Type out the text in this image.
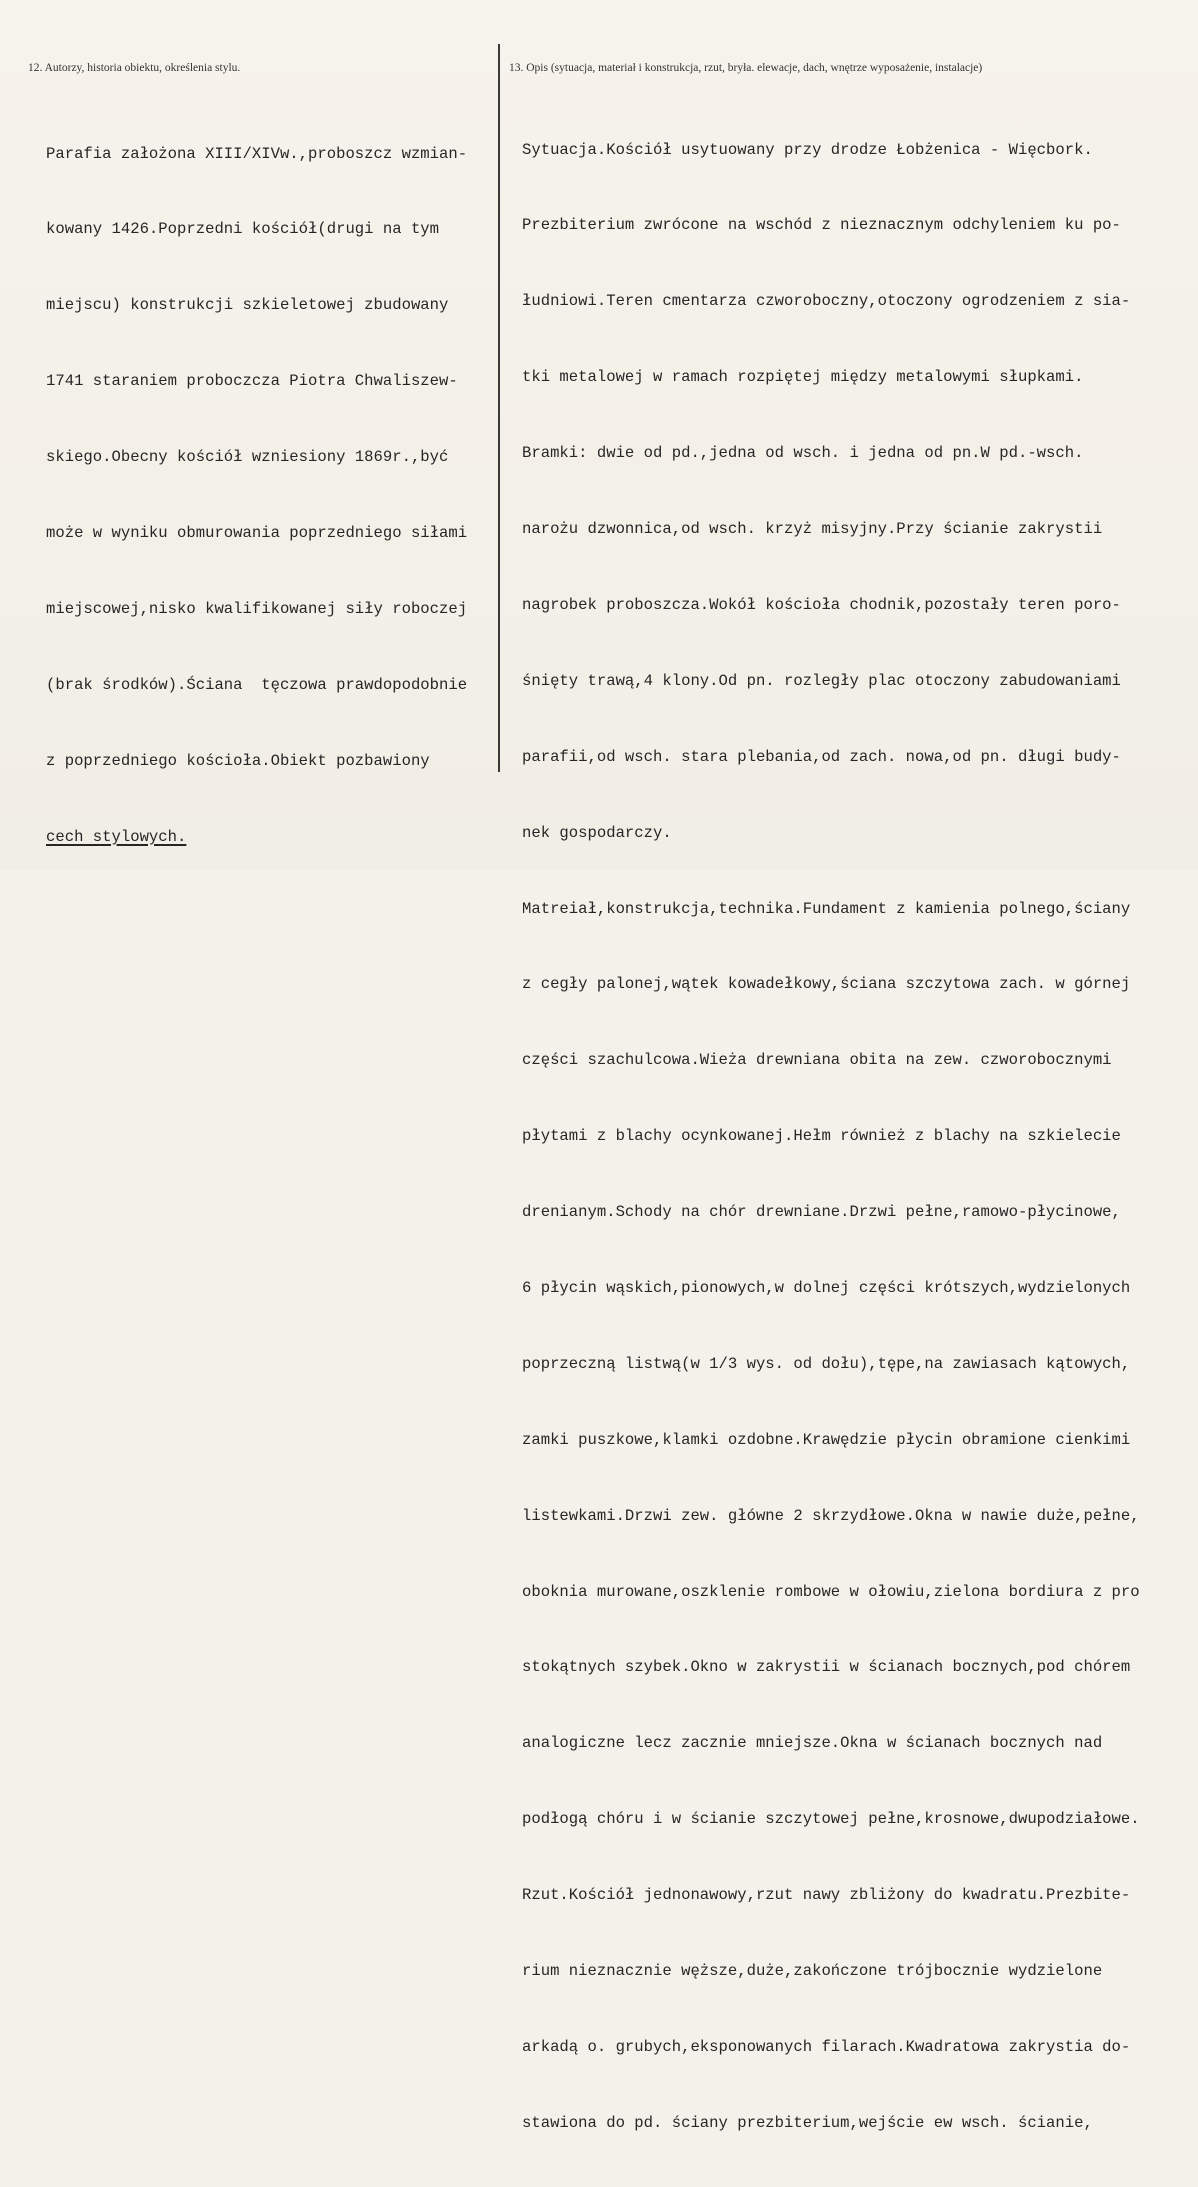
12. Autorzy, historia obiektu, określenia stylu.	13. Opis (sytuacja, materiał i konstrukcja, rzut, bryła. elewacje, dach, wnętrze wyposażenie, instalacje)

Parafia założona XIII/XIVw.,proboszcz wzmian-

kowany 1426.Poprzedni kościół(drugi na tym

miejscu) konstrukcji szkieletowej zbudowany

1741 staraniem proboczcza Piotra Chwaliszew-

skiego.Obecny kościół wzniesiony 1869r.,być

może w wyniku obmurowania poprzedniego siłami

miejscowej,nisko kwalifikowanej siły roboczej

(brak środków).Ściana  tęczowa prawdopodobnie

z poprzedniego kościoła.Obiekt pozbawiony

cech stylowych.

Sytuacja.Kościół usytuowany przy drodze Łobżenica - Więcbork.

Prezbiterium zwrócone na wschód z nieznacznym odchyleniem ku po-

łudniowi.Teren cmentarza czworoboczny,otoczony ogrodzeniem z sia-

tki metalowej w ramach rozpiętej między metalowymi słupkami.

Bramki: dwie od pd.,jedna od wsch. i jedna od pn.W pd.-wsch.

narożu dzwonnica,od wsch. krzyż misyjny.Przy ścianie zakrystii

nagrobek proboszcza.Wokół kościoła chodnik,pozostały teren poro-

śnięty trawą,4 klony.Od pn. rozległy plac otoczony zabudowaniami

parafii,od wsch. stara plebania,od zach. nowa,od pn. długi budy-

nek gospodarczy.

Matreiał,konstrukcja,technika.Fundament z kamienia polnego,ściany

z cegły palonej,wątek kowadełkowy,ściana szczytowa zach. w górnej

części szachulcowa.Wieża drewniana obita na zew. czworobocznymi

płytami z blachy ocynkowanej.Hełm również z blachy na szkielecie

drenianym.Schody na chór drewniane.Drzwi pełne,ramowo-płycinowe,

6 płycin wąskich,pionowych,w dolnej części krótszych,wydzielonych

poprzeczną listwą(w 1/3 wys. od dołu),tępe,na zawiasach kątowych,

zamki puszkowe,klamki ozdobne.Krawędzie płycin obramione cienkimi

listewkami.Drzwi zew. główne 2 skrzydłowe.Okna w nawie duże,pełne,

oboknia murowane,oszklenie rombowe w ołowiu,zielona bordiura z pro

stokątnych szybek.Okno w zakrystii w ścianach bocznych,pod chórem

analogiczne lecz zacznie mniejsze.Okna w ścianach bocznych nad

podłogą chóru i w ścianie szczytowej pełne,krosnowe,dwupodziałowe.

Rzut.Kościół jednonawowy,rzut nawy zbliżony do kwadratu.Prezbite-

rium nieznacznie węższe,duże,zakończone trójbocznie wydzielone

arkadą o. grubych,eksponowanych filarach.Kwadratowa zakrystia do-

stawiona do pd. ściany prezbiterium,wejście ew wsch. ścianie,
